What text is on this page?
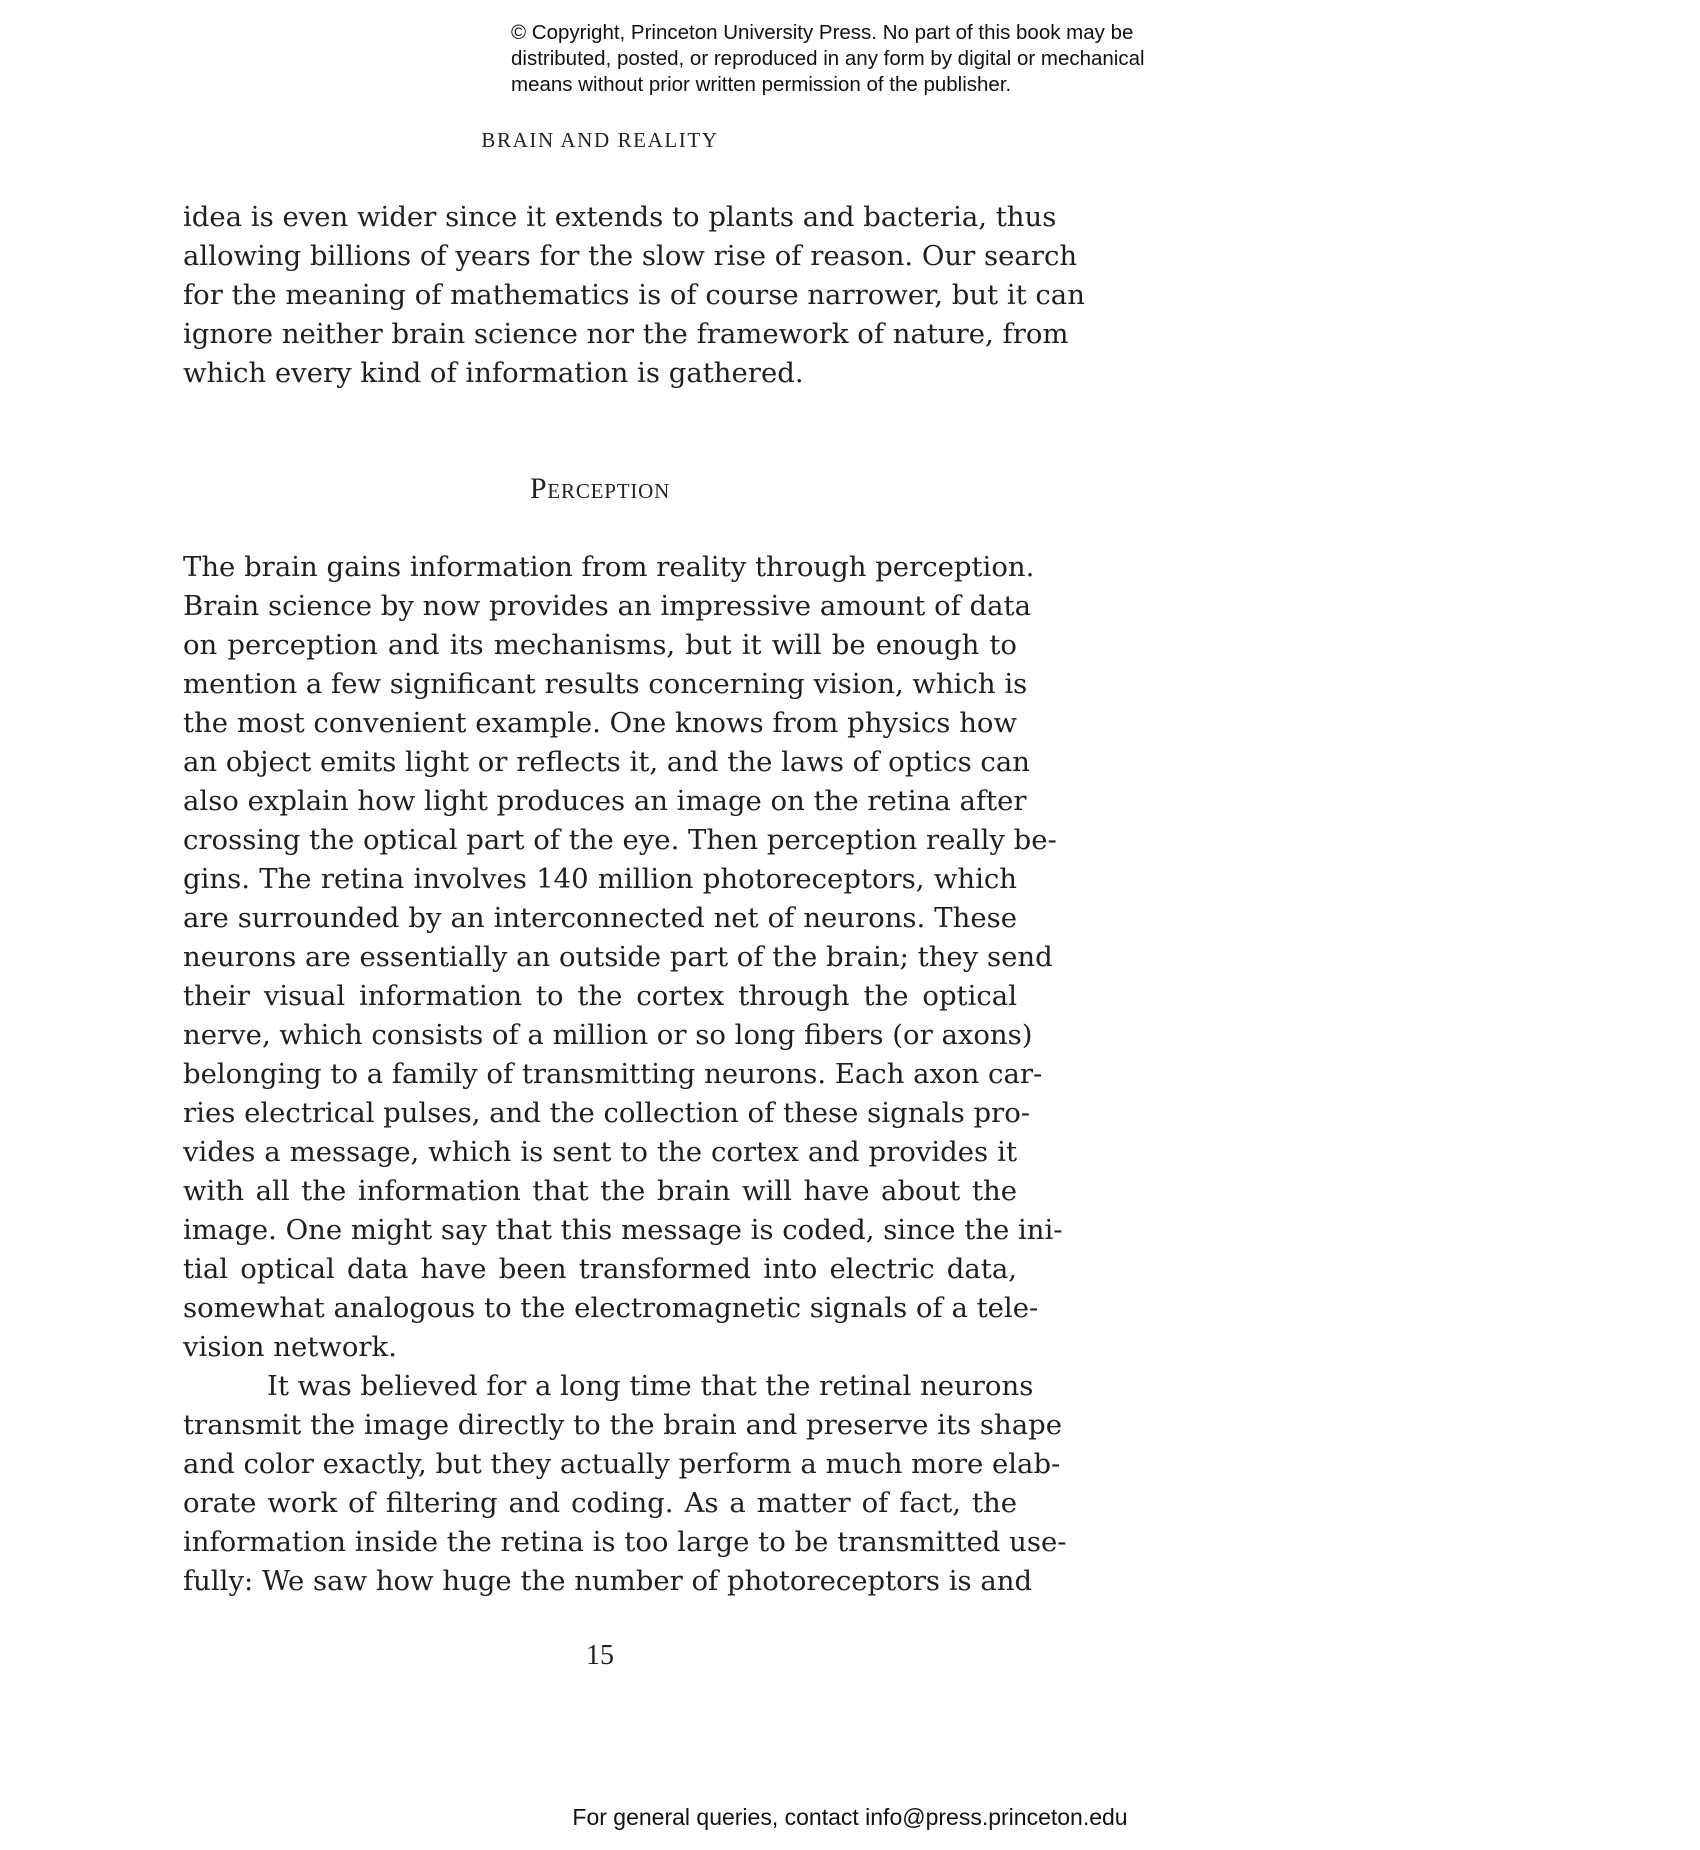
© Copyright, Princeton University Press. No part of this book may be
distributed, posted, or reproduced in any form by digital or mechanical
means without prior written permission of the publisher.
BRAIN AND REALITY
idea is even wider since it extends to plants and bacteria, thus
allowing billions of years for the slow rise of reason. Our search
for the meaning of mathematics is of course narrower, but it can
ignore neither brain science nor the framework of nature, from
which every kind of information is gathered.
Perception
The brain gains information from reality through perception.
Brain science by now provides an impressive amount of data
on perception and its mechanisms, but it will be enough to
mention a few significant results concerning vision, which is
the most convenient example. One knows from physics how
an object emits light or reflects it, and the laws of optics can
also explain how light produces an image on the retina after
crossing the optical part of the eye. Then perception really be-
gins. The retina involves 140 million photoreceptors, which
are surrounded by an interconnected net of neurons. These
neurons are essentially an outside part of the brain; they send
their visual information to the cortex through the optical
nerve, which consists of a million or so long fibers (or axons)
belonging to a family of transmitting neurons. Each axon car-
ries electrical pulses, and the collection of these signals pro-
vides a message, which is sent to the cortex and provides it
with all the information that the brain will have about the
image. One might say that this message is coded, since the ini-
tial optical data have been transformed into electric data,
somewhat analogous to the electromagnetic signals of a tele-
vision network.
It was believed for a long time that the retinal neurons
transmit the image directly to the brain and preserve its shape
and color exactly, but they actually perform a much more elab-
orate work of filtering and coding. As a matter of fact, the
information inside the retina is too large to be transmitted use-
fully: We saw how huge the number of photoreceptors is and
15
For general queries, contact info@press.princeton.edu
